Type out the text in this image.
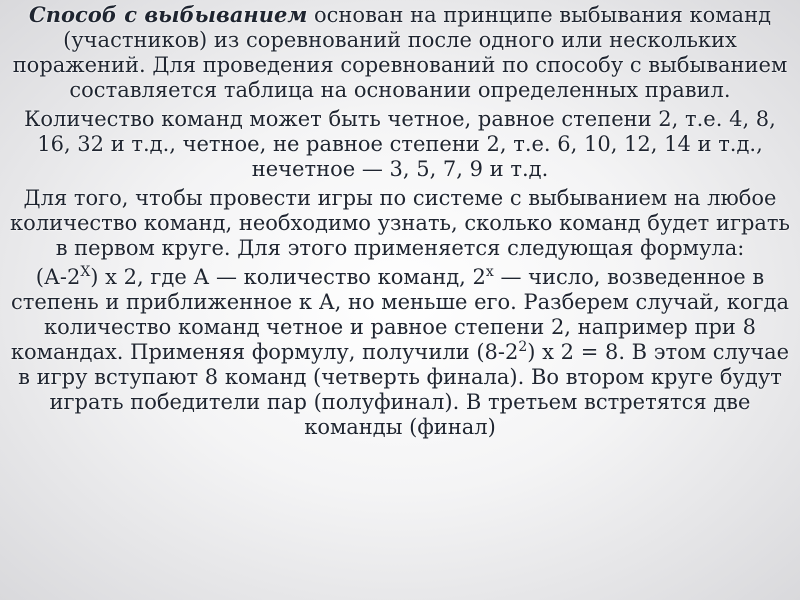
Способ с выбыванием основан на принципе выбывания команд (участников) из соревнований после одного или нескольких поражений. Для проведения соревнований по способу с выбыванием составляется таблица на основании определенных правил.

Количество команд может быть четное, равное степени 2, т.е. 4, 8, 16, 32 и т.д., четное, не равное степени 2, т.е. 6, 10, 12, 14 и т.д., нечетное — 3, 5, 7, 9 и т.д.

Для того, чтобы провести игры по системе с выбыванием на любое количество команд, необходимо узнать, сколько команд будет играть в первом круге. Для этого применяется следующая формула:

$(А-2^X)$ х 2, где А — количество команд, 2$^x$ — число, возведенное в степень и приближенное к А, но меньше его. Разберем случай, когда количество команд четное и равное степени 2, например при 8 командах. Применяя формулу, получили $(8-2^2)$ х 2 = 8. В этом случае в игру вступают 8 команд (четверть финала). Во втором круге будут играть победители пар (полуфинал). В третьем встретятся две команды (финал)
